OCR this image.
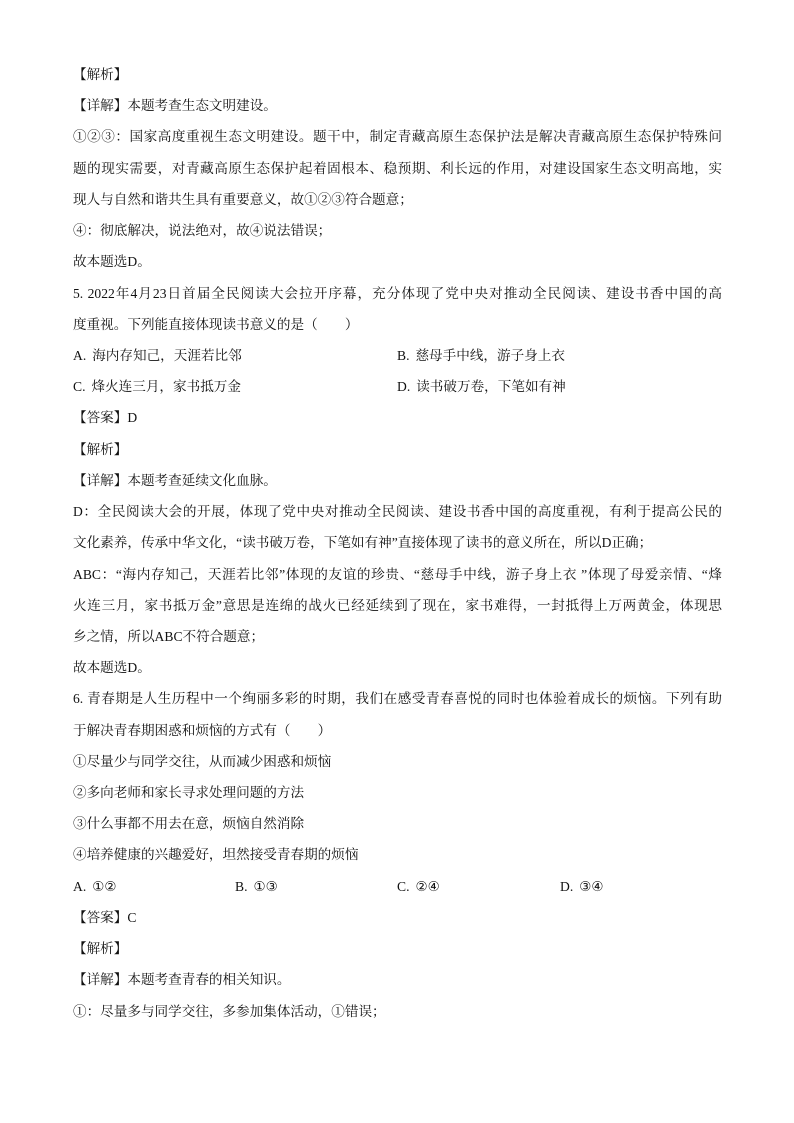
【解析】
【详解】本题考查生态文明建设。
①②③：国家高度重视生态文明建设。题干中，制定青藏高原生态保护法是解决青藏高原生态保护特殊问
题的现实需要，对青藏高原生态保护起着固根本、稳预期、利长远的作用，对建设国家生态文明高地，实
现人与自然和谐共生具有重要意义，故①②③符合题意；
④：彻底解决，说法绝对，故④说法错误；
故本题选D。
5. 2022年4月23日首届全民阅读大会拉开序幕，充分体现了党中央对推动全民阅读、建设书香中国的高
度重视。下列能直接体现读书意义的是（　　）
A. 海内存知己，天涯若比邻	B. 慈母手中线，游子身上衣
C. 烽火连三月，家书抵万金	D. 读书破万卷，下笔如有神
【答案】D
【解析】
【详解】本题考查延续文化血脉。
D：全民阅读大会的开展，体现了党中央对推动全民阅读、建设书香中国的高度重视，有利于提高公民的
文化素养，传承中华文化，“读书破万卷，下笔如有神”直接体现了读书的意义所在，所以D正确；
ABC：“海内存知己，天涯若比邻”体现的友谊的珍贵、“慈母手中线，游子身上衣 ”体现了母爱亲情、“烽
火连三月，家书抵万金”意思是连绵的战火已经延续到了现在，家书难得，一封抵得上万两黄金，体现思
乡之情，所以ABC不符合题意；
故本题选D。
6. 青春期是人生历程中一个绚丽多彩的时期，我们在感受青春喜悦的同时也体验着成长的烦恼。下列有助
于解决青春期困惑和烦恼的方式有（　　）
①尽量少与同学交往，从而减少困惑和烦恼
②多向老师和家长寻求处理问题的方法
③什么事都不用去在意，烦恼自然消除
④培养健康的兴趣爱好，坦然接受青春期的烦恼
A. ①②	B. ①③	C. ②④	D. ③④
【答案】C
【解析】
【详解】本题考查青春的相关知识。
①：尽量多与同学交往，多参加集体活动，①错误；
